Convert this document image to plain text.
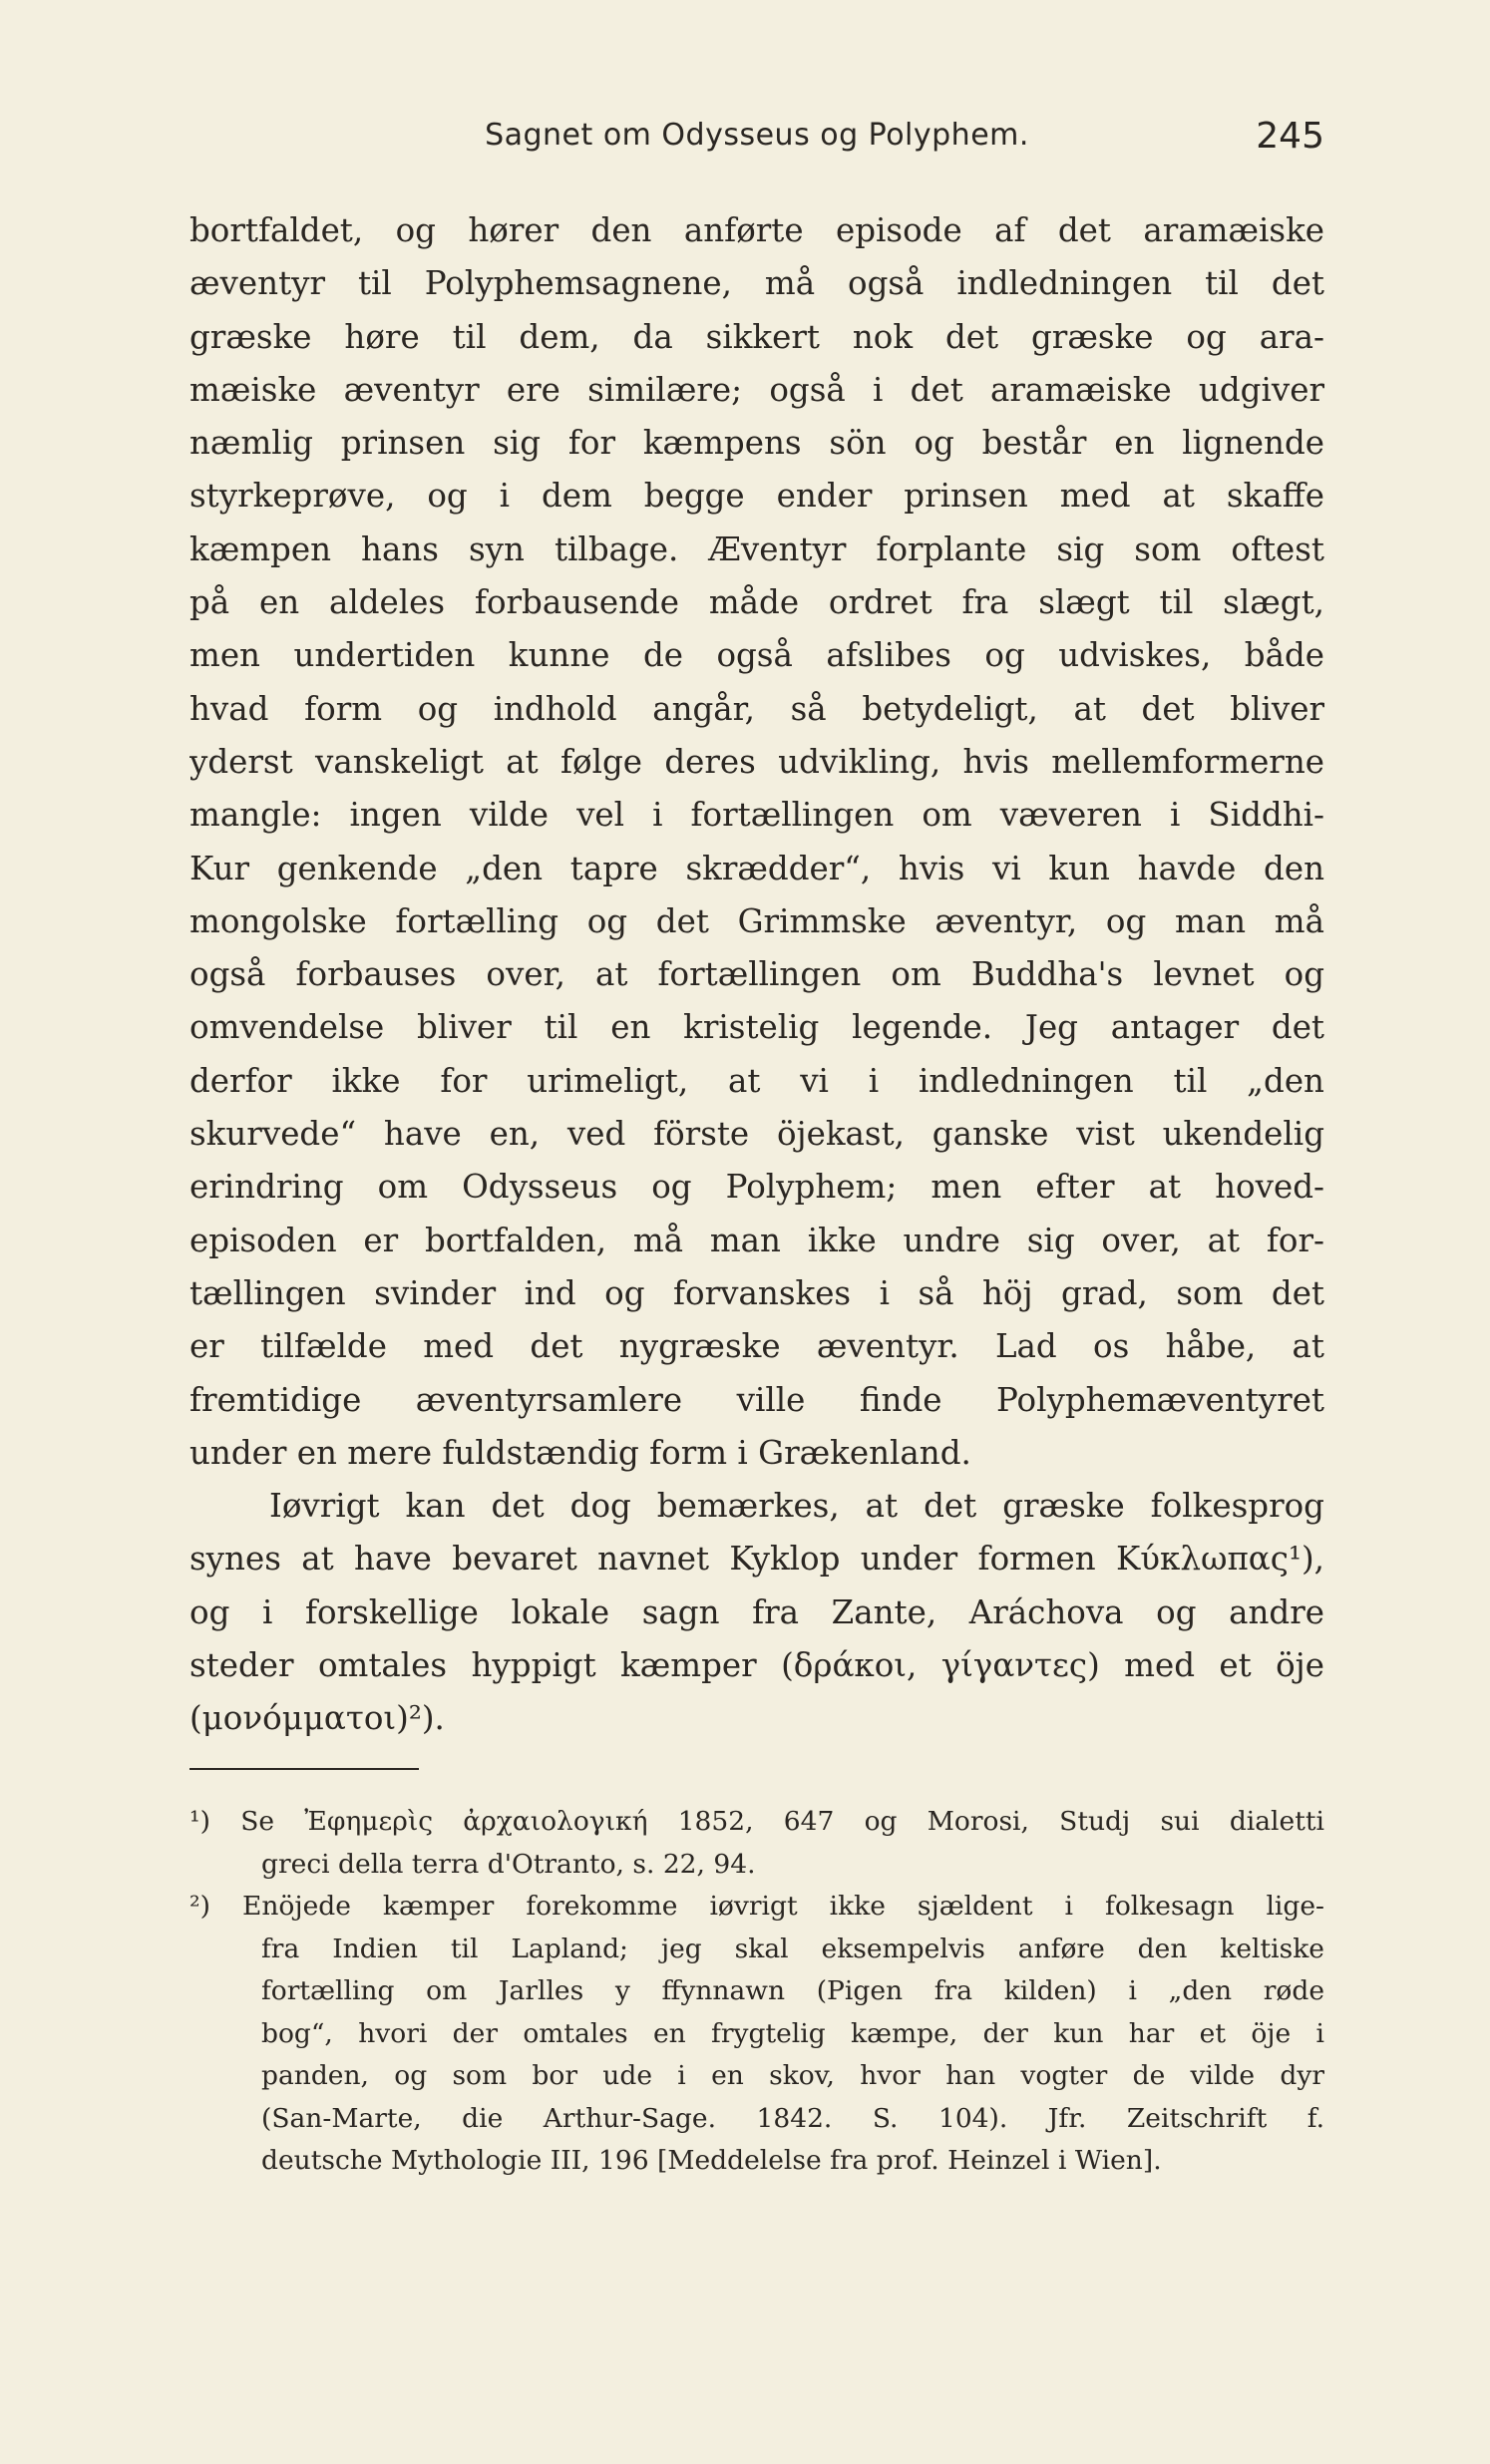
Sagnet om Odysseus og Polyphem.	245
bortfaldet, og hører den anførte episode af det aramæiske
æventyr til Polyphemsagnene, må også indledningen til det
græske høre til dem, da sikkert nok det græske og ara-
mæiske æventyr ere similære; også i det aramæiske udgiver
næmlig prinsen sig for kæmpens sön og består en lignende
styrkeprøve, og i dem begge ender prinsen med at skaffe
kæmpen hans syn tilbage. Æventyr forplante sig som oftest
på en aldeles forbausende måde ordret fra slægt til slægt,
men undertiden kunne de også afslibes og udviskes, både
hvad form og indhold angår, så betydeligt, at det bliver
yderst vanskeligt at følge deres udvikling, hvis mellemformerne
mangle: ingen vilde vel i fortællingen om væveren i Siddhi-
Kur genkende „den tapre skrædder“, hvis vi kun havde den
mongolske fortælling og det Grimmske æventyr, og man må
også forbauses over, at fortællingen om Buddha's levnet og
omvendelse bliver til en kristelig legende. Jeg antager det
derfor ikke for urimeligt, at vi i indledningen til „den
skurvede“ have en, ved förste öjekast, ganske vist ukendelig
erindring om Odysseus og Polyphem; men efter at hoved-
episoden er bortfalden, må man ikke undre sig over, at for-
tællingen svinder ind og forvanskes i så höj grad, som det
er tilfælde med det nygræske æventyr. Lad os håbe, at
fremtidige æventyrsamlere ville finde Polyphemæventyret
under en mere fuldstændig form i Grækenland.
Iøvrigt kan det dog bemærkes, at det græske folkesprog
synes at have bevaret navnet Kyklop under formen Κύκλωπας¹),
og i forskellige lokale sagn fra Zante, Aráchova og andre
steder omtales hyppigt kæmper (δράκοι, γίγαντες) med et öje
(μονόμματοι)²).
¹) Se Ἐφημερὶς ἀρχαιολογική 1852, 647 og Morosi, Studj sui dialetti
greci della terra d'Otranto, s. 22, 94.
²) Enöjede kæmper forekomme iøvrigt ikke sjældent i folkesagn lige-
fra Indien til Lapland; jeg skal eksempelvis anføre den keltiske
fortælling om Jarlles y ffynnawn (Pigen fra kilden) i „den røde
bog“, hvori der omtales en frygtelig kæmpe, der kun har et öje i
panden, og som bor ude i en skov, hvor han vogter de vilde dyr
(San-Marte, die Arthur-Sage. 1842. S. 104). Jfr. Zeitschrift f.
deutsche Mythologie III, 196 [Meddelelse fra prof. Heinzel i Wien].
